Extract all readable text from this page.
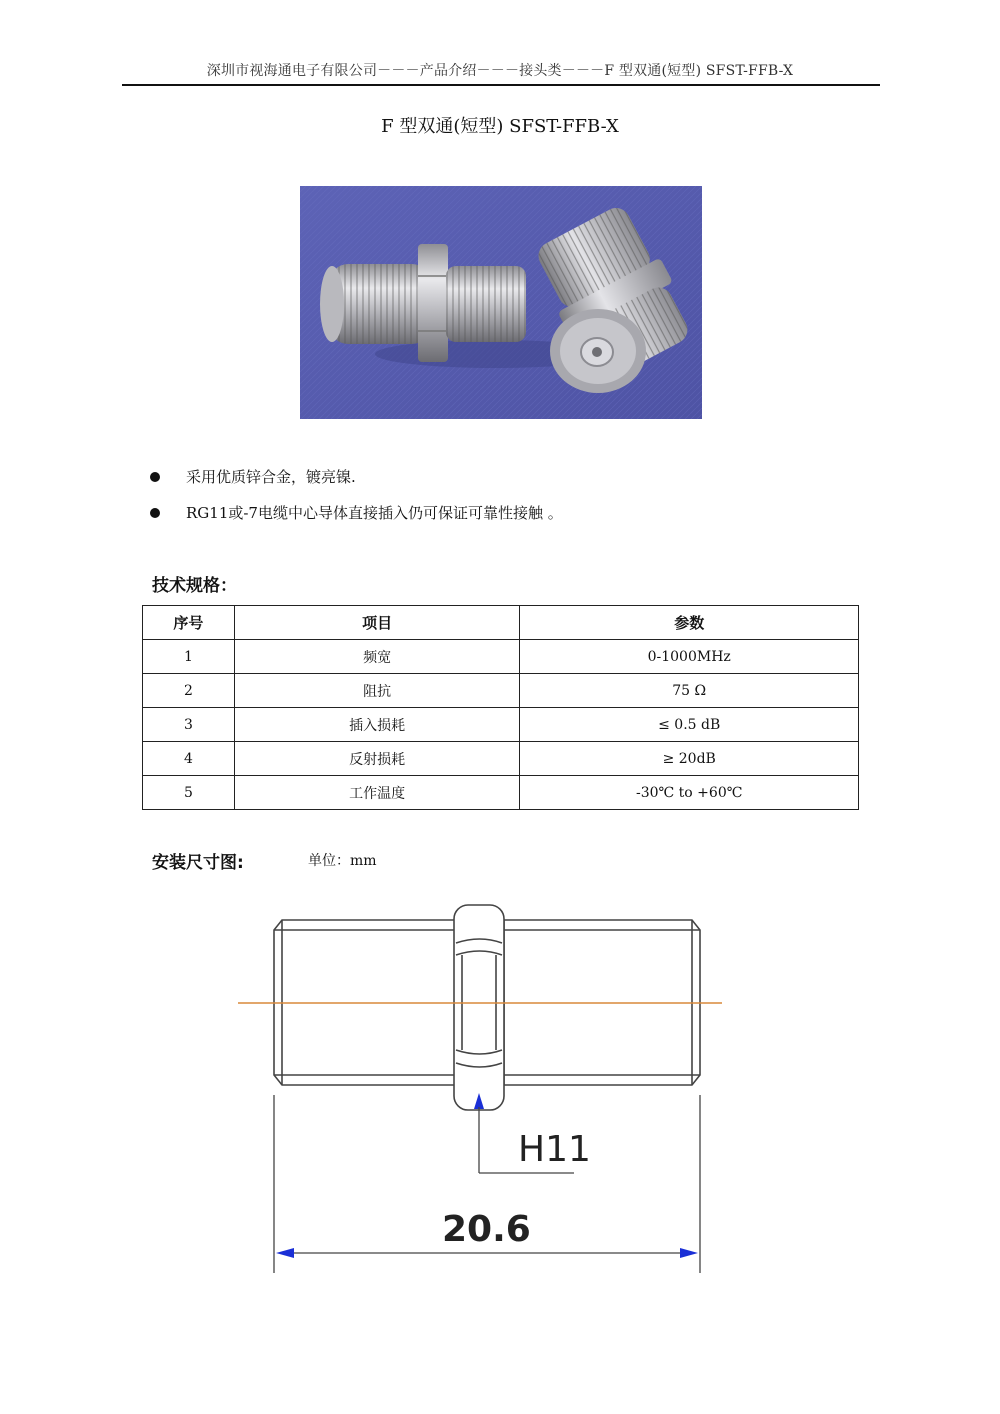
深圳市视海通电子有限公司－－－产品介绍－－－接头类－－－F 型双通(短型) SFST-FFB-X
F 型双通(短型) SFST-FFB-X
采用优质锌合金，镀亮镍.
RG11或-7电缆中心导体直接插入仍可保证可靠性接触 。
技术规格：
序号	项目	参数
1	频宽	0-1000MHz
2	阻抗	75 Ω
3	插入损耗	≤ 0.5 dB
4	反射损耗	≥ 20dB
5	工作温度	-30℃ to +60℃
安装尺寸图:	单位：mm
H11
20.6
